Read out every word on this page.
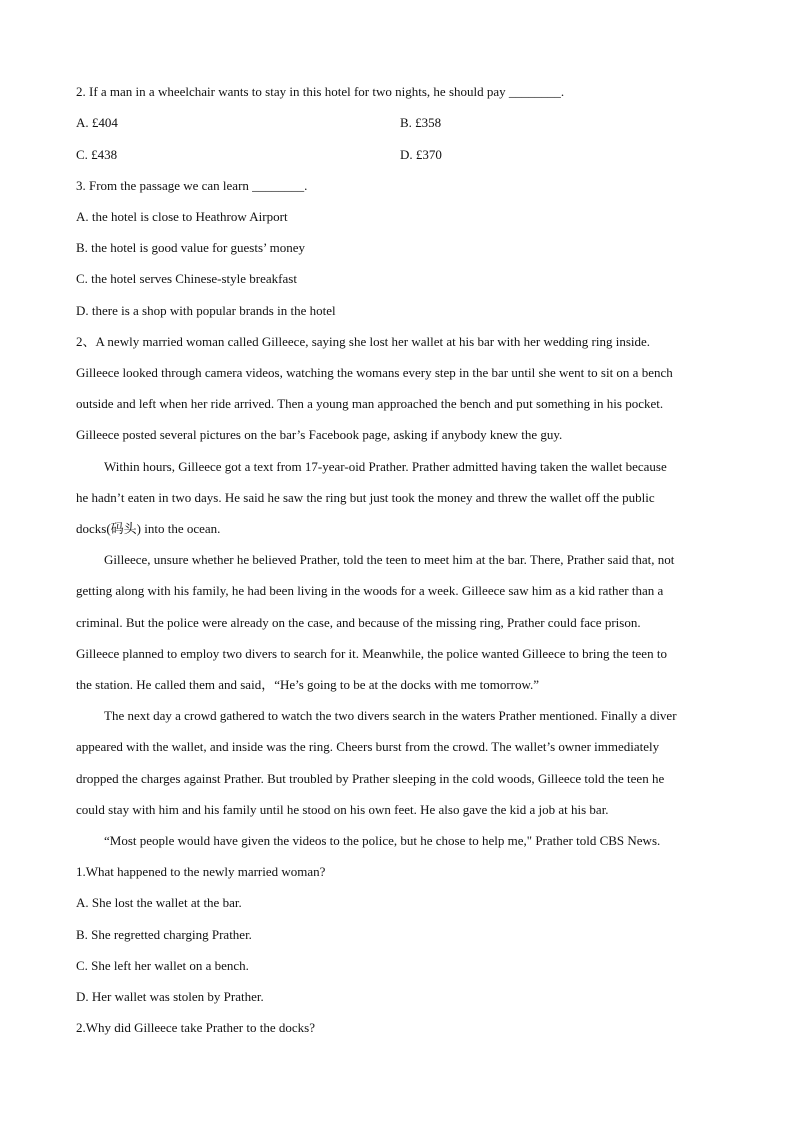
2. If a man in a wheelchair wants to stay in this hotel for two nights, he should pay ________.
A. £404	B. £358
C. £438	D. £370
3. From the passage we can learn ________.
A. the hotel is close to Heathrow Airport
B. the hotel is good value for guests’ money
C. the hotel serves Chinese-style breakfast
D. there is a shop with popular brands in the hotel
2、A newly married woman called Gilleece, saying she lost her wallet at his bar with her wedding ring inside.
Gilleece looked through camera videos, watching the womans every step in the bar until she went to sit on a bench
outside and left when her ride arrived. Then a young man approached the bench and put something in his pocket.
Gilleece posted several pictures on the bar’s Facebook page, asking if anybody knew the guy.
Within hours, Gilleece got a text from 17-year-oid Prather. Prather admitted having taken the wallet because
he hadn’t eaten in two days. He said he saw the ring but just took the money and threw the wallet off the public
docks(码头) into the ocean.
Gilleece, unsure whether he believed Prather, told the teen to meet him at the bar. There, Prather said that, not
getting along with his family, he had been living in the woods for a week. Gilleece saw him as a kid rather than a
criminal. But the police were already on the case, and because of the missing ring, Prather could face prison.
Gilleece planned to employ two divers to search for it. Meanwhile, the police wanted Gilleece to bring the teen to
the station. He called them and said，“He’s going to be at the docks with me tomorrow.”
The next day a crowd gathered to watch the two divers search in the waters Prather mentioned. Finally a diver
appeared with the wallet, and inside was the ring. Cheers burst from the crowd. The wallet’s owner immediately
dropped the charges against Prather. But troubled by Prather sleeping in the cold woods, Gilleece told the teen he
could stay with him and his family until he stood on his own feet. He also gave the kid a job at his bar.
“Most people would have given the videos to the police, but he chose to help me," Prather told CBS News.
1.What happened to the newly married woman?
A. She lost the wallet at the bar.
B. She regretted charging Prather.
C. She left her wallet on a bench.
D. Her wallet was stolen by Prather.
2.Why did Gilleece take Prather to the docks?
